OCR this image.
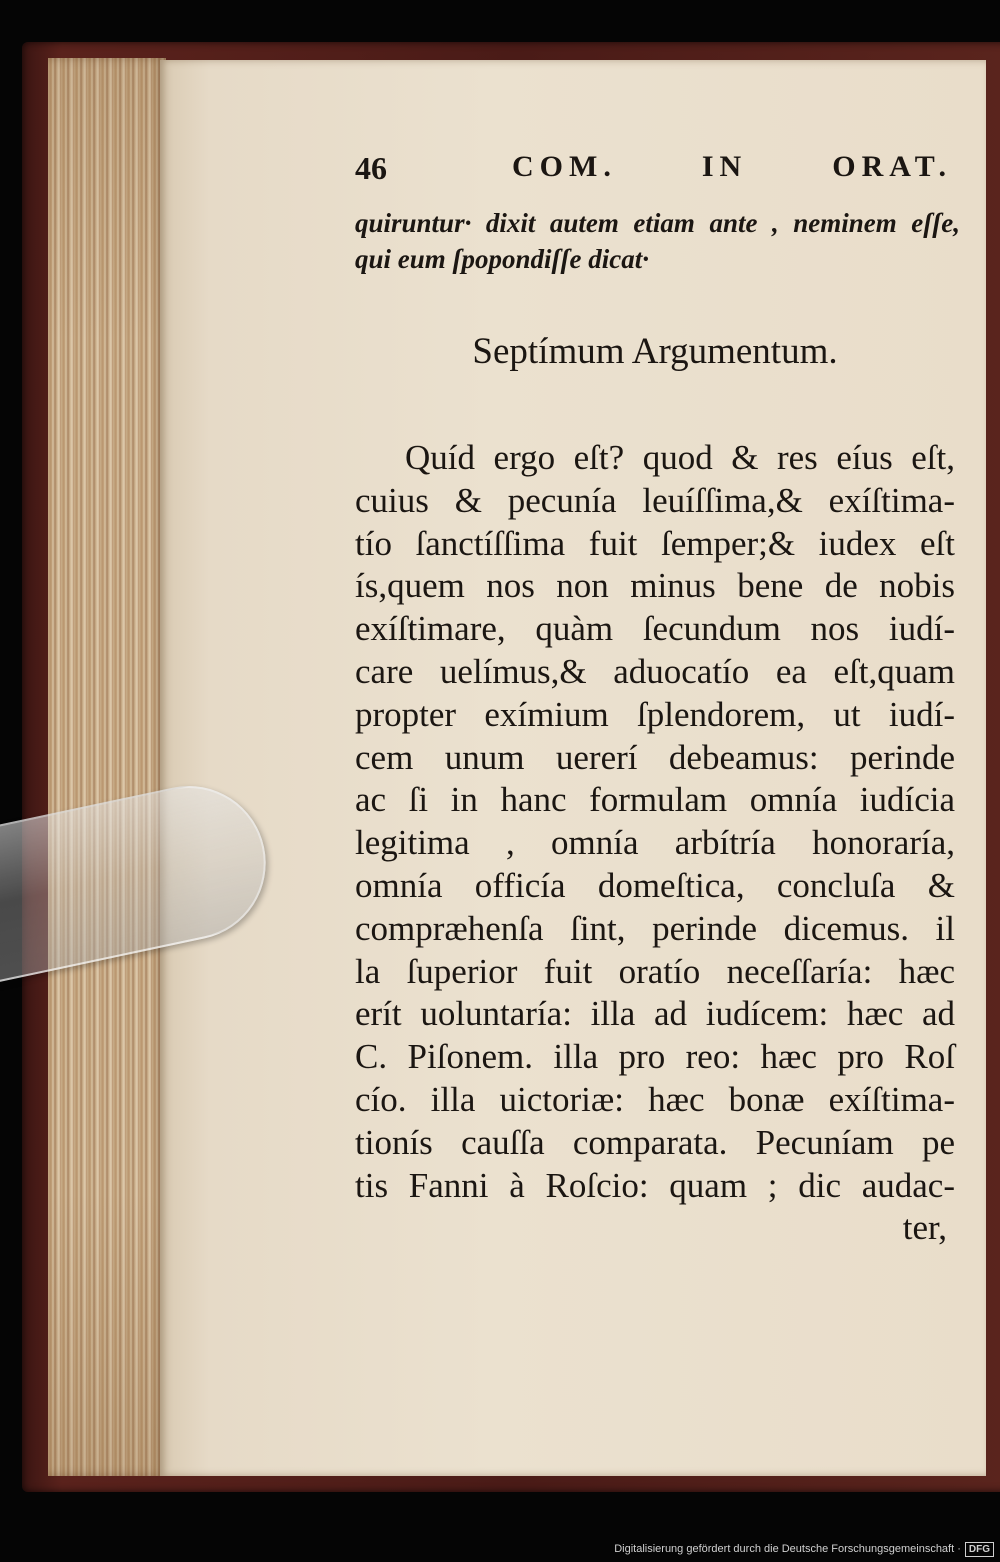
46	COM. IN ORAT.
quiruntur· dixit autem etiam ante , neminem eſſe,
qui eum ſpopondiſſe dicat·
Septímum Argumentum.
Quíd ergo eſt? quod & res eíus eſt,
cuius & pecunía leuíſſima,& exíſtima-
tío ſanctíſſima fuit ſemper;& iudex eſt
ís,quem nos non minus bene de nobis
exíſtimare, quàm ſecundum nos iudí-
care uelímus,& aduocatío ea eſt,quam
propter exímium ſplendorem, ut iudí-
cem unum uererí debeamus: perinde
ac ſi in hanc formulam omnía iudícia
legitima , omnía arbítría honoraría,
omnía officía domeſtica, concluſa &
compræhenſa ſint, perinde dicemus. il
la ſuperior fuit oratío neceſſaría: hæc
erít uoluntaría: illa ad iudícem: hæc ad
C. Piſonem. illa pro reo: hæc pro Roſ
cío. illa uictoriæ: hæc bonæ exíſtima-
tionís cauſſa comparata. Pecuníam pe
tis Fanni à Roſcio: quam ; dic audac-
ter,
Digitalisierung gefördert durch die Deutsche Forschungsgemeinschaft · DFG
